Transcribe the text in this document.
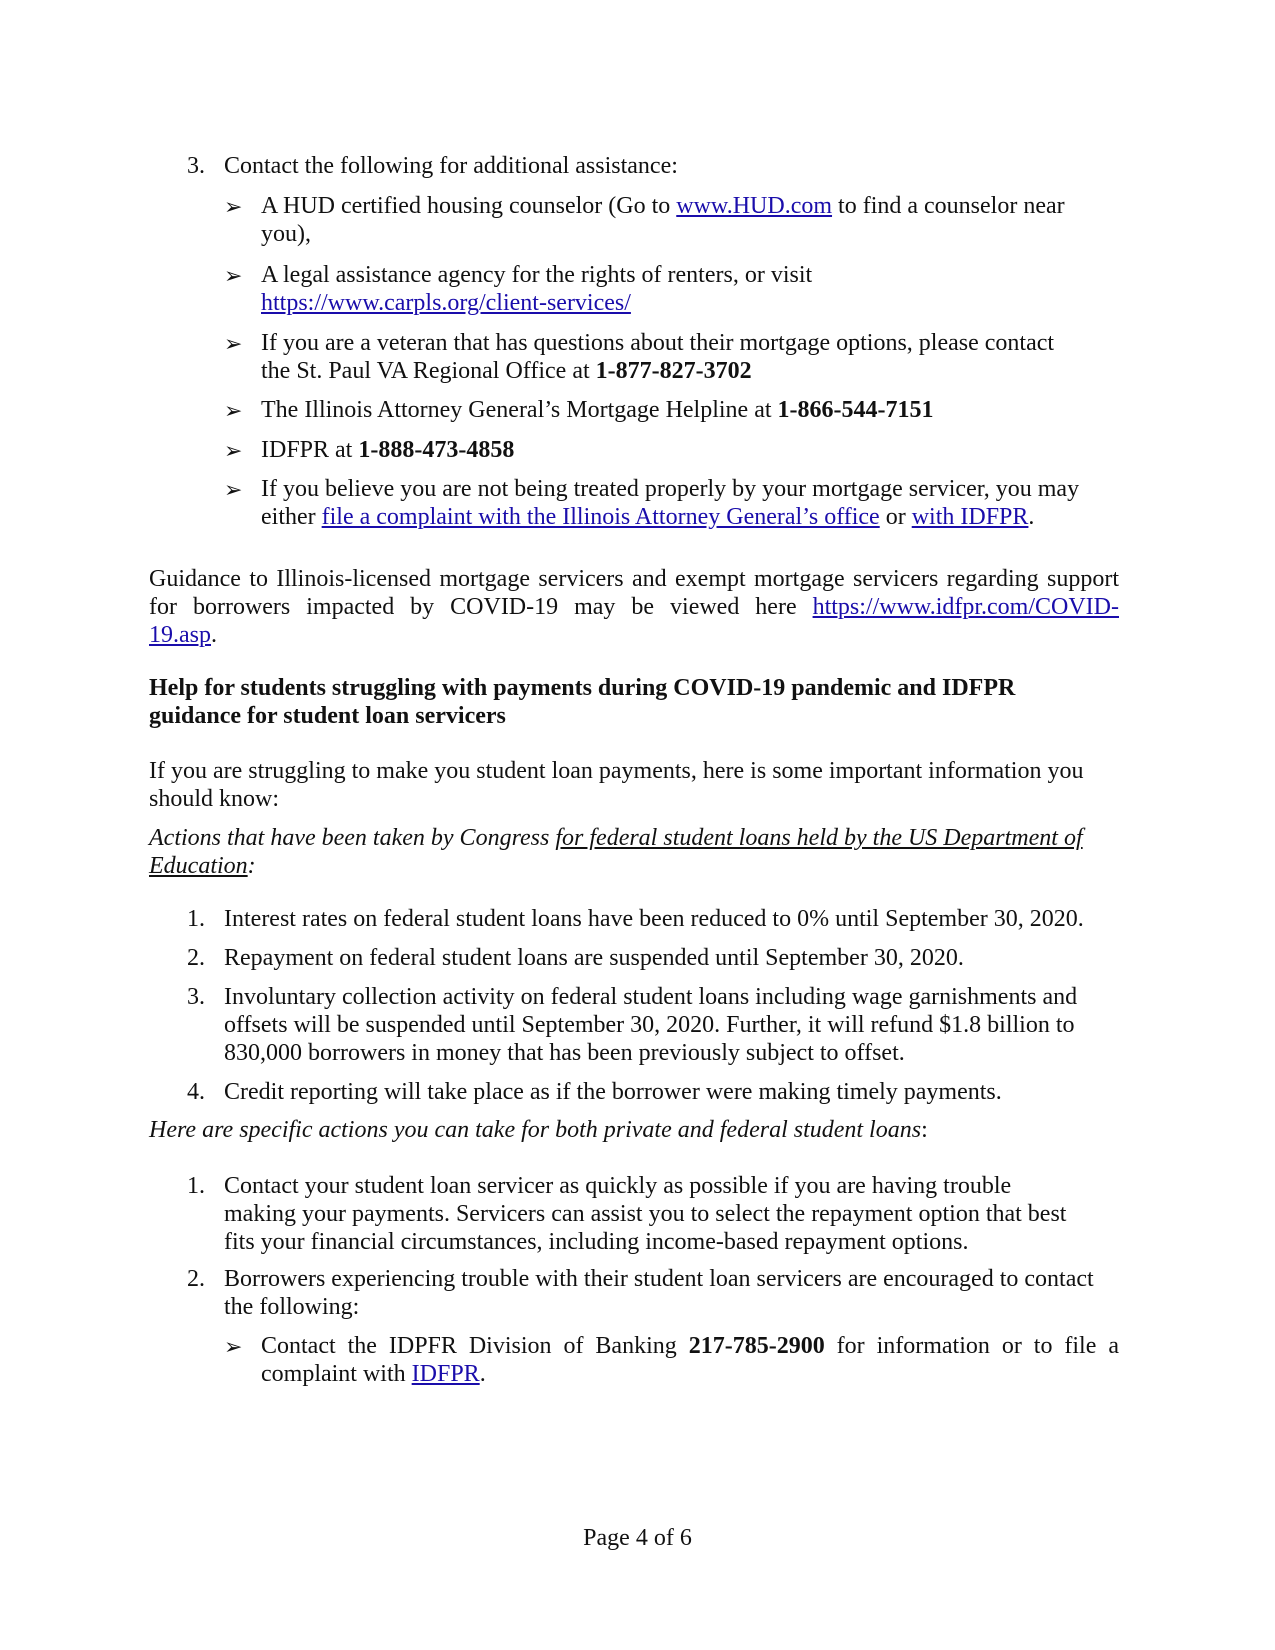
3. Contact the following for additional assistance:

➢ A HUD certified housing counselor (Go to www.HUD.com to find a counselor near you),

➢ A legal assistance agency for the rights of renters, or visit
https://www.carpls.org/client-services/

➢ If you are a veteran that has questions about their mortgage options, please contact
the St. Paul VA Regional Office at 1-877-827-3702

➢ The Illinois Attorney General’s Mortgage Helpline at 1-866-544-7151

➢ IDFPR at 1-888-473-4858

➢ If you believe you are not being treated properly by your mortgage servicer, you may
either file a complaint with the Illinois Attorney General’s office or with IDFPR.

Guidance to Illinois-licensed mortgage servicers and exempt mortgage servicers regarding support

for borrowers impacted by COVID-19 may be viewed here https://www.idfpr.com/COVID-

19.asp.

Help for students struggling with payments during COVID-19 pandemic and IDFPR
guidance for student loan servicers

If you are struggling to make you student loan payments, here is some important information you
should know:

Actions that have been taken by Congress for federal student loans held by the US Department of
Education:

1. Interest rates on federal student loans have been reduced to 0% until September 30, 2020.

2. Repayment on federal student loans are suspended until September 30, 2020.

3. Involuntary collection activity on federal student loans including wage garnishments and
offsets will be suspended until September 30, 2020. Further, it will refund $1.8 billion to
830,000 borrowers in money that has been previously subject to offset.

4. Credit reporting will take place as if the borrower were making timely payments.

Here are specific actions you can take for both private and federal student loans:

1. Contact your student loan servicer as quickly as possible if you are having trouble
making your payments. Servicers can assist you to select the repayment option that best
fits your financial circumstances, including income-based repayment options.

2. Borrowers experiencing trouble with their student loan servicers are encouraged to contact
the following:

➢ Contact the IDPFR Division of Banking 217-785-2900 for information or to file a

complaint with IDFPR.

Page 4 of 6
